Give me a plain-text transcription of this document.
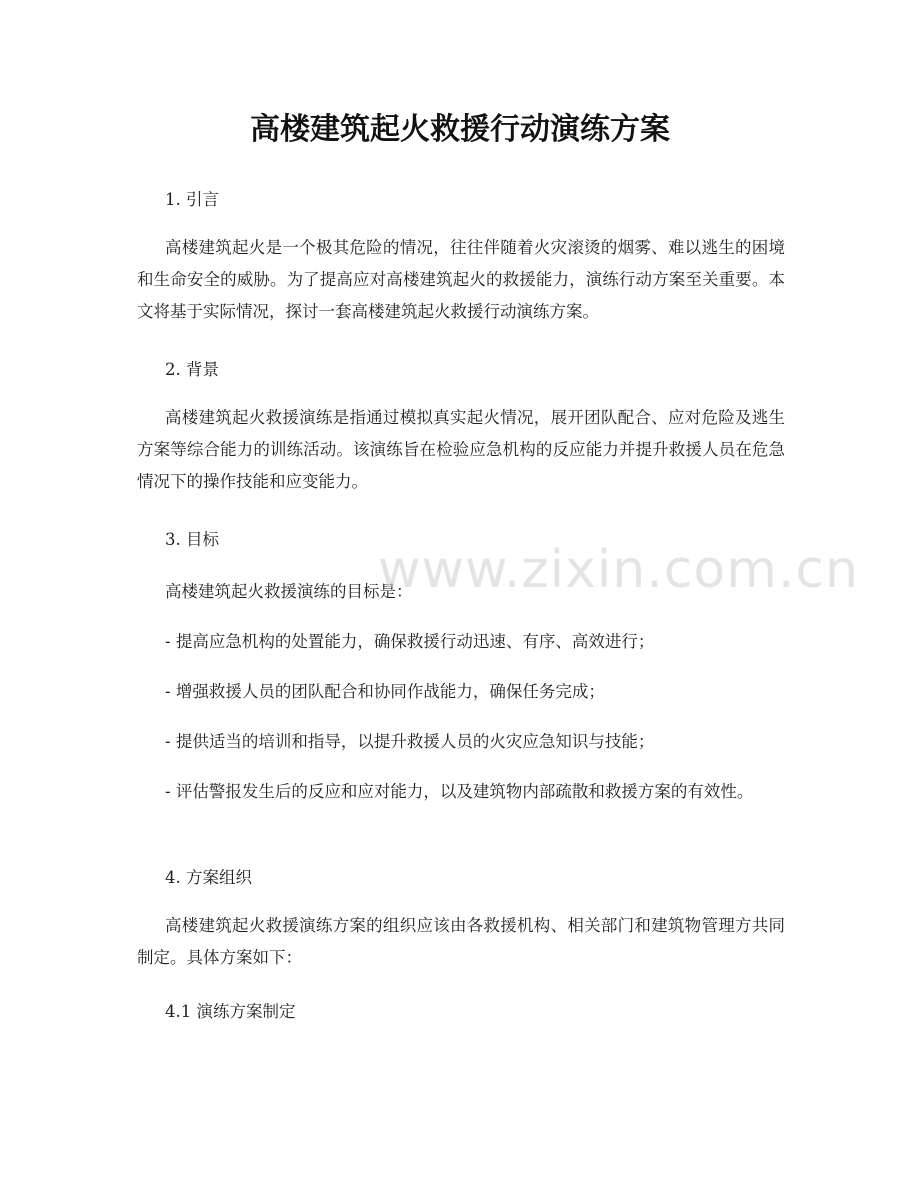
高楼建筑起火救援行动演练方案

1. 引言

高楼建筑起火是一个极其危险的情况，往往伴随着火灾滚烫的烟雾、难以逃生的困境和生命安全的威胁。为了提高应对高楼建筑起火的救援能力，演练行动方案至关重要。本文将基于实际情况，探讨一套高楼建筑起火救援行动演练方案。

2. 背景

高楼建筑起火救援演练是指通过模拟真实起火情况，展开团队配合、应对危险及逃生方案等综合能力的训练活动。该演练旨在检验应急机构的反应能力并提升救援人员在危急情况下的操作技能和应变能力。

3. 目标

高楼建筑起火救援演练的目标是：

- 提高应急机构的处置能力，确保救援行动迅速、有序、高效进行；

- 增强救援人员的团队配合和协同作战能力，确保任务完成；

- 提供适当的培训和指导，以提升救援人员的火灾应急知识与技能；

- 评估警报发生后的反应和应对能力，以及建筑物内部疏散和救援方案的有效性。

4. 方案组织

高楼建筑起火救援演练方案的组织应该由各救援机构、相关部门和建筑物管理方共同制定。具体方案如下：

4.1 演练方案制定

www.zixin.com.cn
